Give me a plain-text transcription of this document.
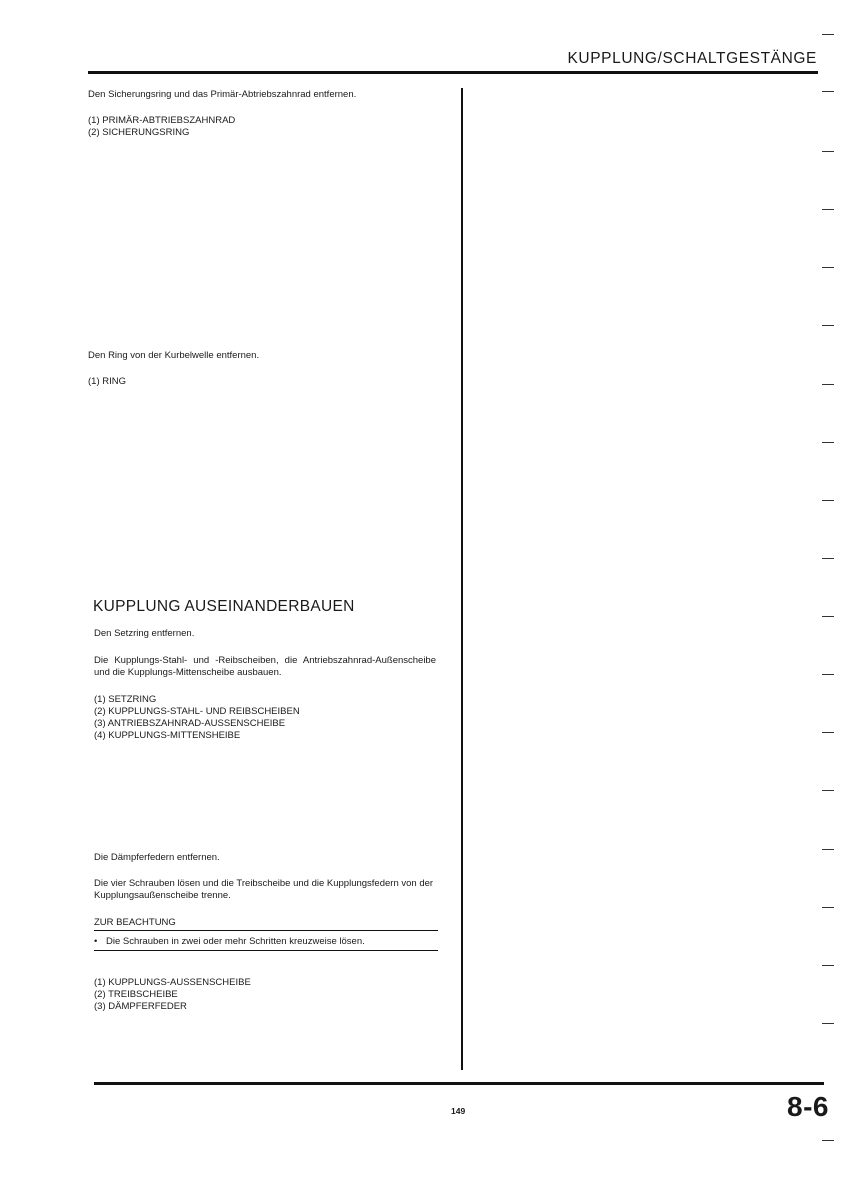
KUPPLUNG/SCHALTGESTÄNGE
Den Sicherungsring und das Primär-Abtriebszahnrad entfernen.
(1) PRIMÄR-ABTRIEBSZAHNRAD
(2) SICHERUNGSRING
Den Ring von der Kurbelwelle entfernen.
(1) RING
KUPPLUNG AUSEINANDERBAUEN
Den Setzring entfernen.
Die Kupplungs-Stahl- und -Reibscheiben, die Antriebszahnrad-Außenscheibe und die Kupplungs-Mittenscheibe ausbauen.
(1) SETZRING
(2) KUPPLUNGS-STAHL- UND REIBSCHEIBEN
(3) ANTRIEBSZAHNRAD-AUSSENSCHEIBE
(4) KUPPLUNGS-MITTENSHEIBE
Die Dämpferfedern entfernen.
Die vier Schrauben lösen und die Treibscheibe und die Kupplungsfedern von der Kupplungsaußenscheibe trenne.
ZUR BEACHTUNG
• Die Schrauben in zwei oder mehr Schritten kreuzweise lösen.
(1) KUPPLUNGS-AUSSENSCHEIBE
(2) TREIBSCHEIBE
(3) DÄMPFERFEDER
149	8-6
